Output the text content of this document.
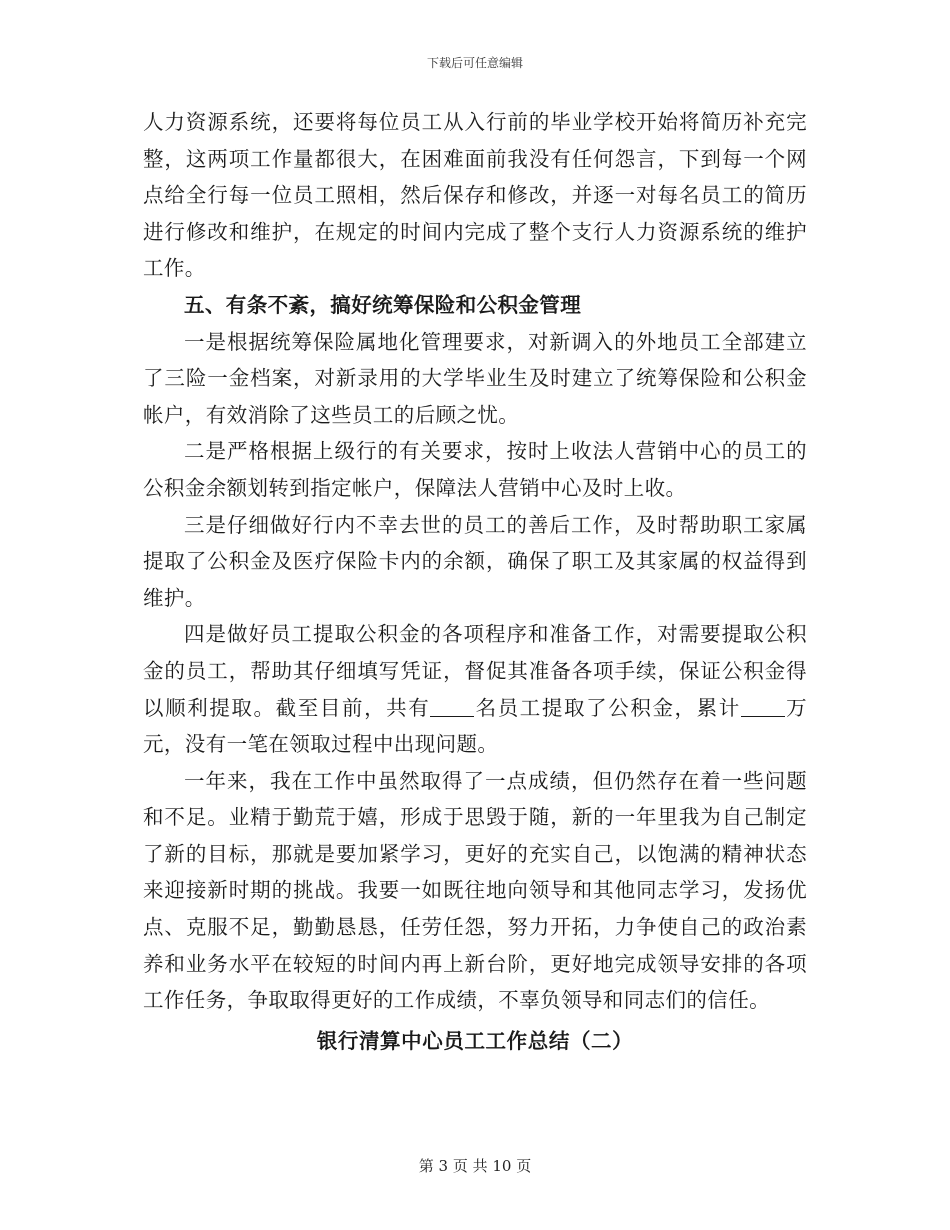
下载后可任意编辑

人力资源系统，还要将每位员工从入行前的毕业学校开始将简历补充完整，这两项工作量都很大，在困难面前我没有任何怨言，下到每一个网点给全行每一位员工照相，然后保存和修改，并逐一对每名员工的简历进行修改和维护，在规定的时间内完成了整个支行人力资源系统的维护工作。

五、有条不紊，搞好统筹保险和公积金管理

一是根据统筹保险属地化管理要求，对新调入的外地员工全部建立了三险一金档案，对新录用的大学毕业生及时建立了统筹保险和公积金帐户，有效消除了这些员工的后顾之忧。

二是严格根据上级行的有关要求，按时上收法人营销中心的员工的公积金余额划转到指定帐户，保障法人营销中心及时上收。

三是仔细做好行内不幸去世的员工的善后工作，及时帮助职工家属提取了公积金及医疗保险卡内的余额，确保了职工及其家属的权益得到维护。

四是做好员工提取公积金的各项程序和准备工作，对需要提取公积金的员工，帮助其仔细填写凭证，督促其准备各项手续，保证公积金得以顺利提取。截至目前，共有 名员工提取了公积金，累计 万元，没有一笔在领取过程中出现问题。

一年来，我在工作中虽然取得了一点成绩，但仍然存在着一些问题和不足。业精于勤荒于嬉，形成于思毁于随，新的一年里我为自己制定了新的目标，那就是要加紧学习，更好的充实自己，以饱满的精神状态来迎接新时期的挑战。我要一如既往地向领导和其他同志学习，发扬优点、克服不足，勤勤恳恳，任劳任怨，努力开拓，力争使自己的政治素养和业务水平在较短的时间内再上新台阶，更好地完成领导安排的各项工作任务，争取取得更好的工作成绩，不辜负领导和同志们的信任。

银行清算中心员工工作总结（二）

第 3 页 共 10 页
